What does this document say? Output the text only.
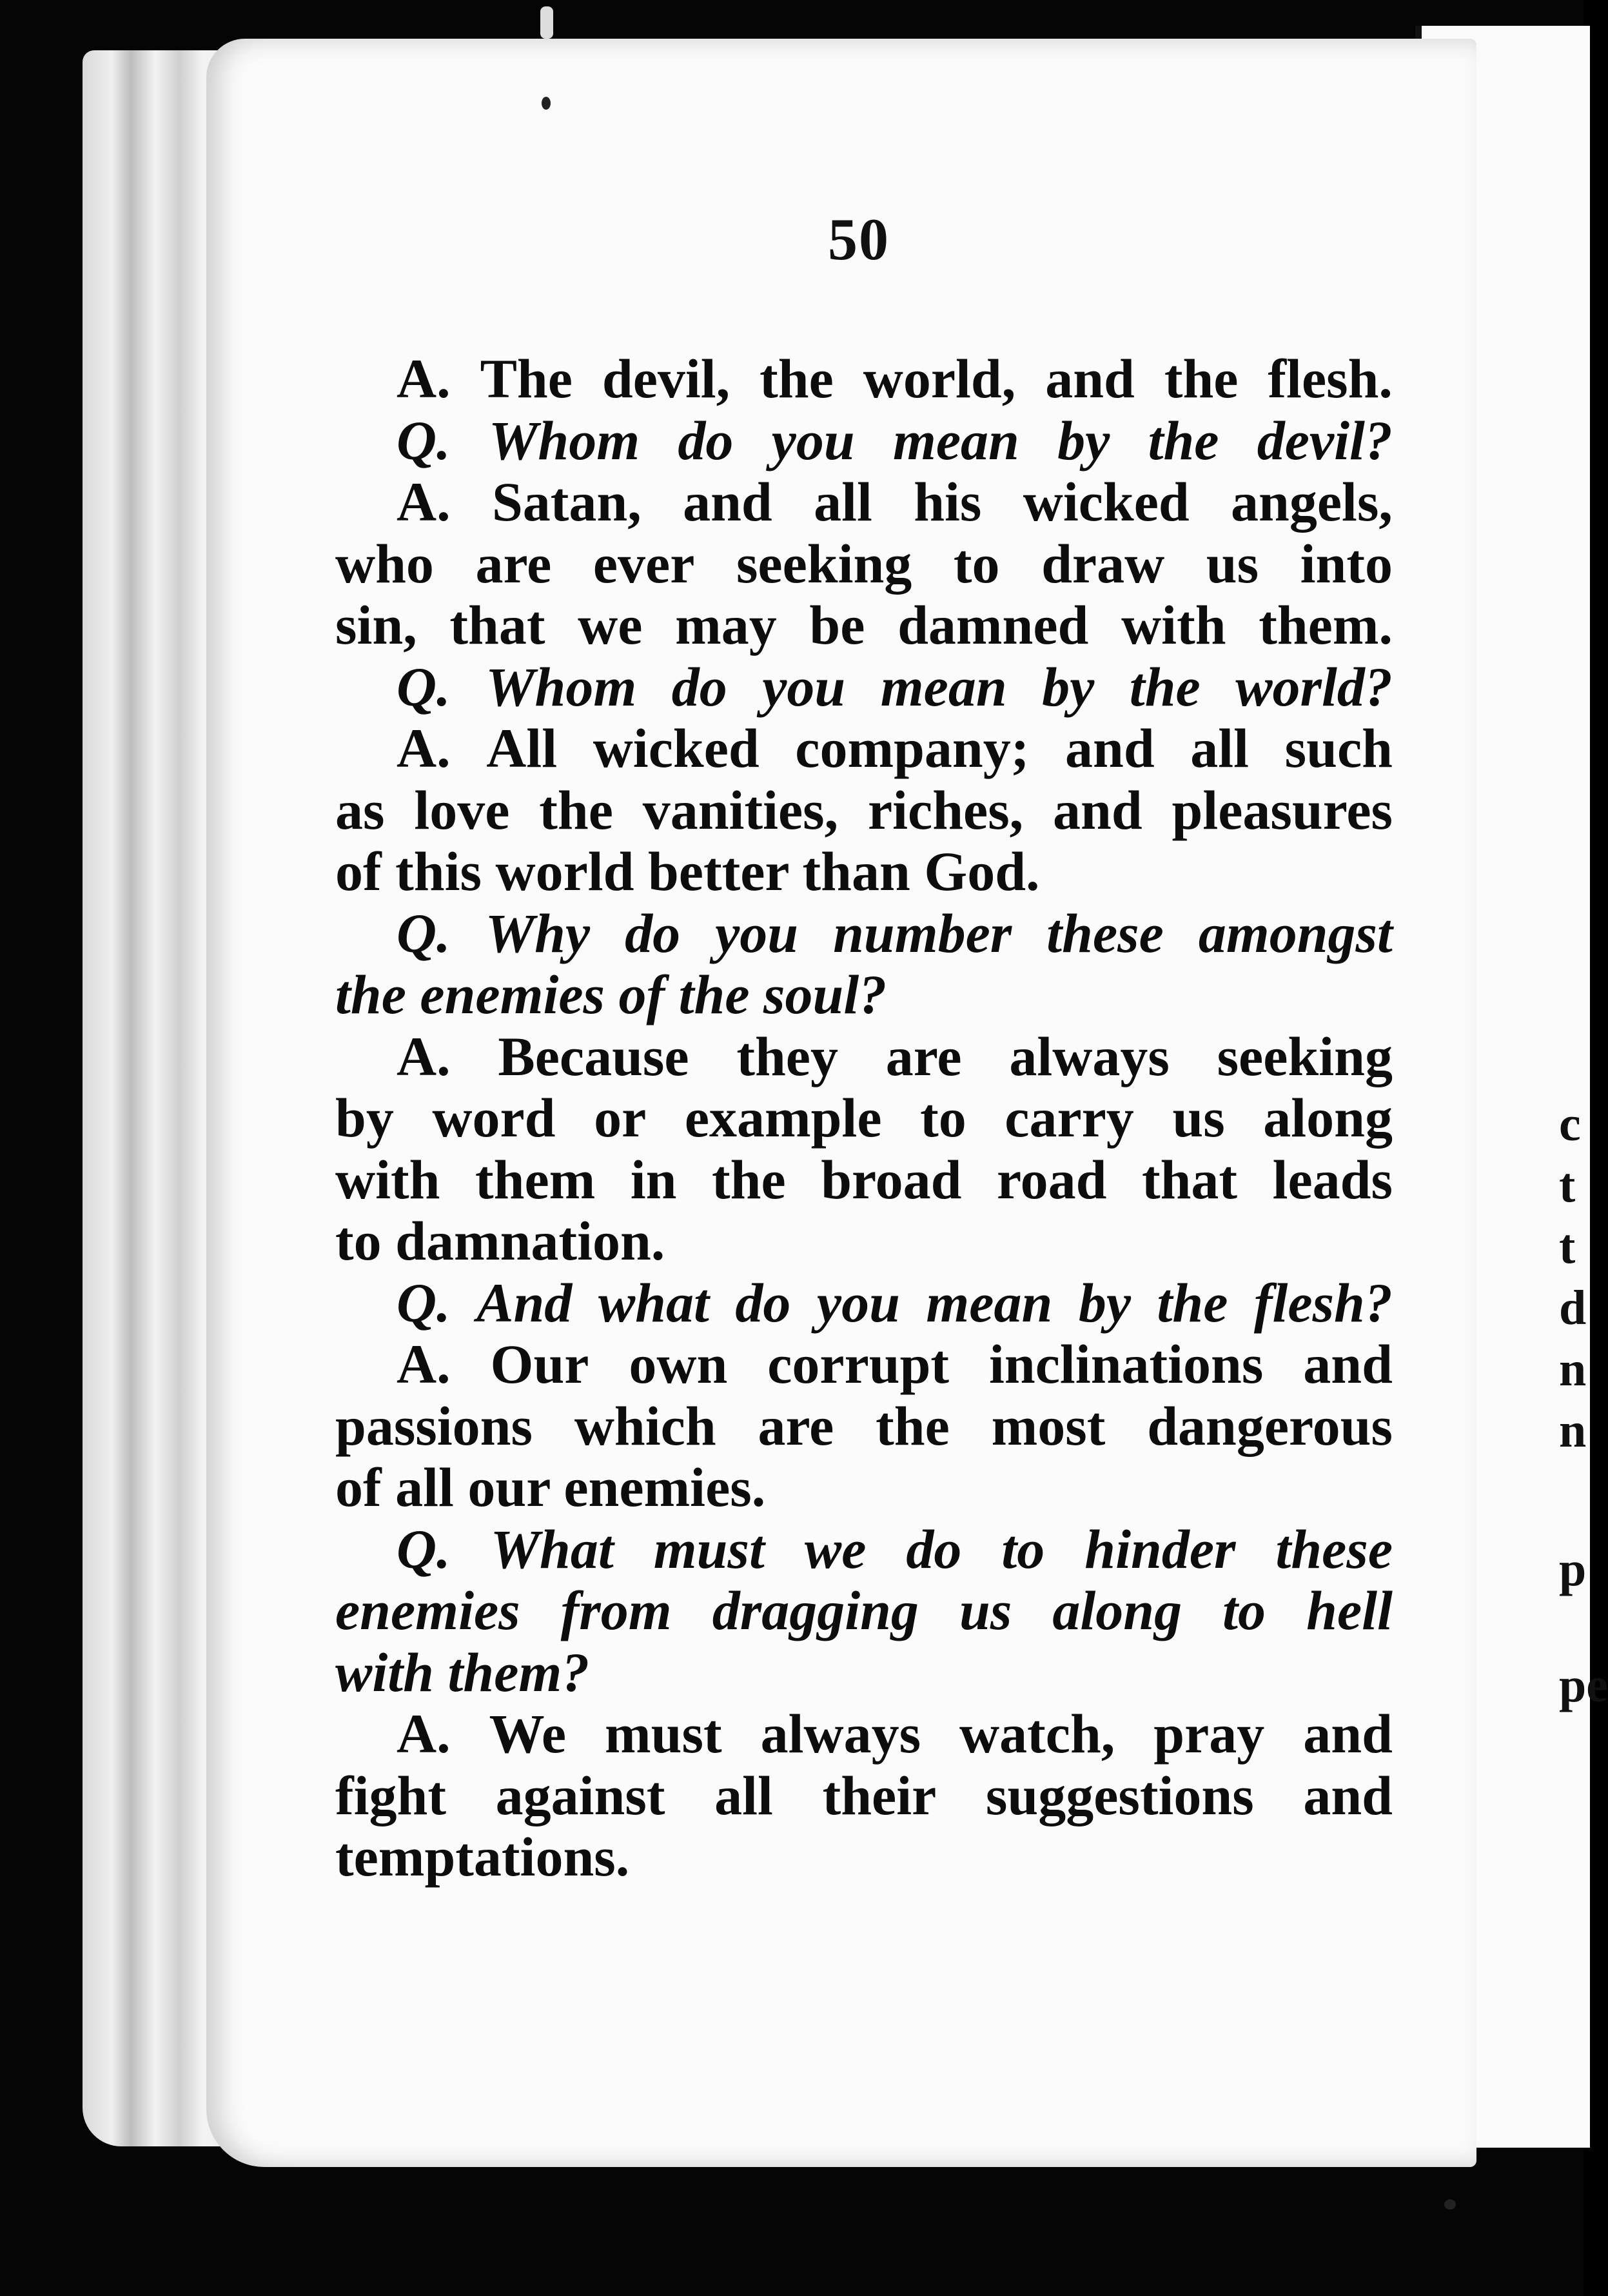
50
A. The devil, the world, and the flesh.
Q. Whom do you mean by the devil?
A. Satan, and all his wicked angels,
who are ever seeking to draw us into
sin, that we may be damned with them.
Q. Whom do you mean by the world?
A. All wicked company; and all such
as love the vanities, riches, and pleasures
of this world better than God.
Q. Why do you number these amongst
the enemies of the soul?
A. Because they are always seeking
by word or example to carry us along
with them in the broad road that leads
to damnation.
Q. And what do you mean by the flesh?
A. Our own corrupt inclinations and
passions which are the most dangerous
of all our enemies.
Q. What must we do to hinder these
enemies from dragging us along to hell
with them?
A. We must always watch, pray and
fight against all their suggestions and
temptations.
c
t
t
d
n
n
p
pe
